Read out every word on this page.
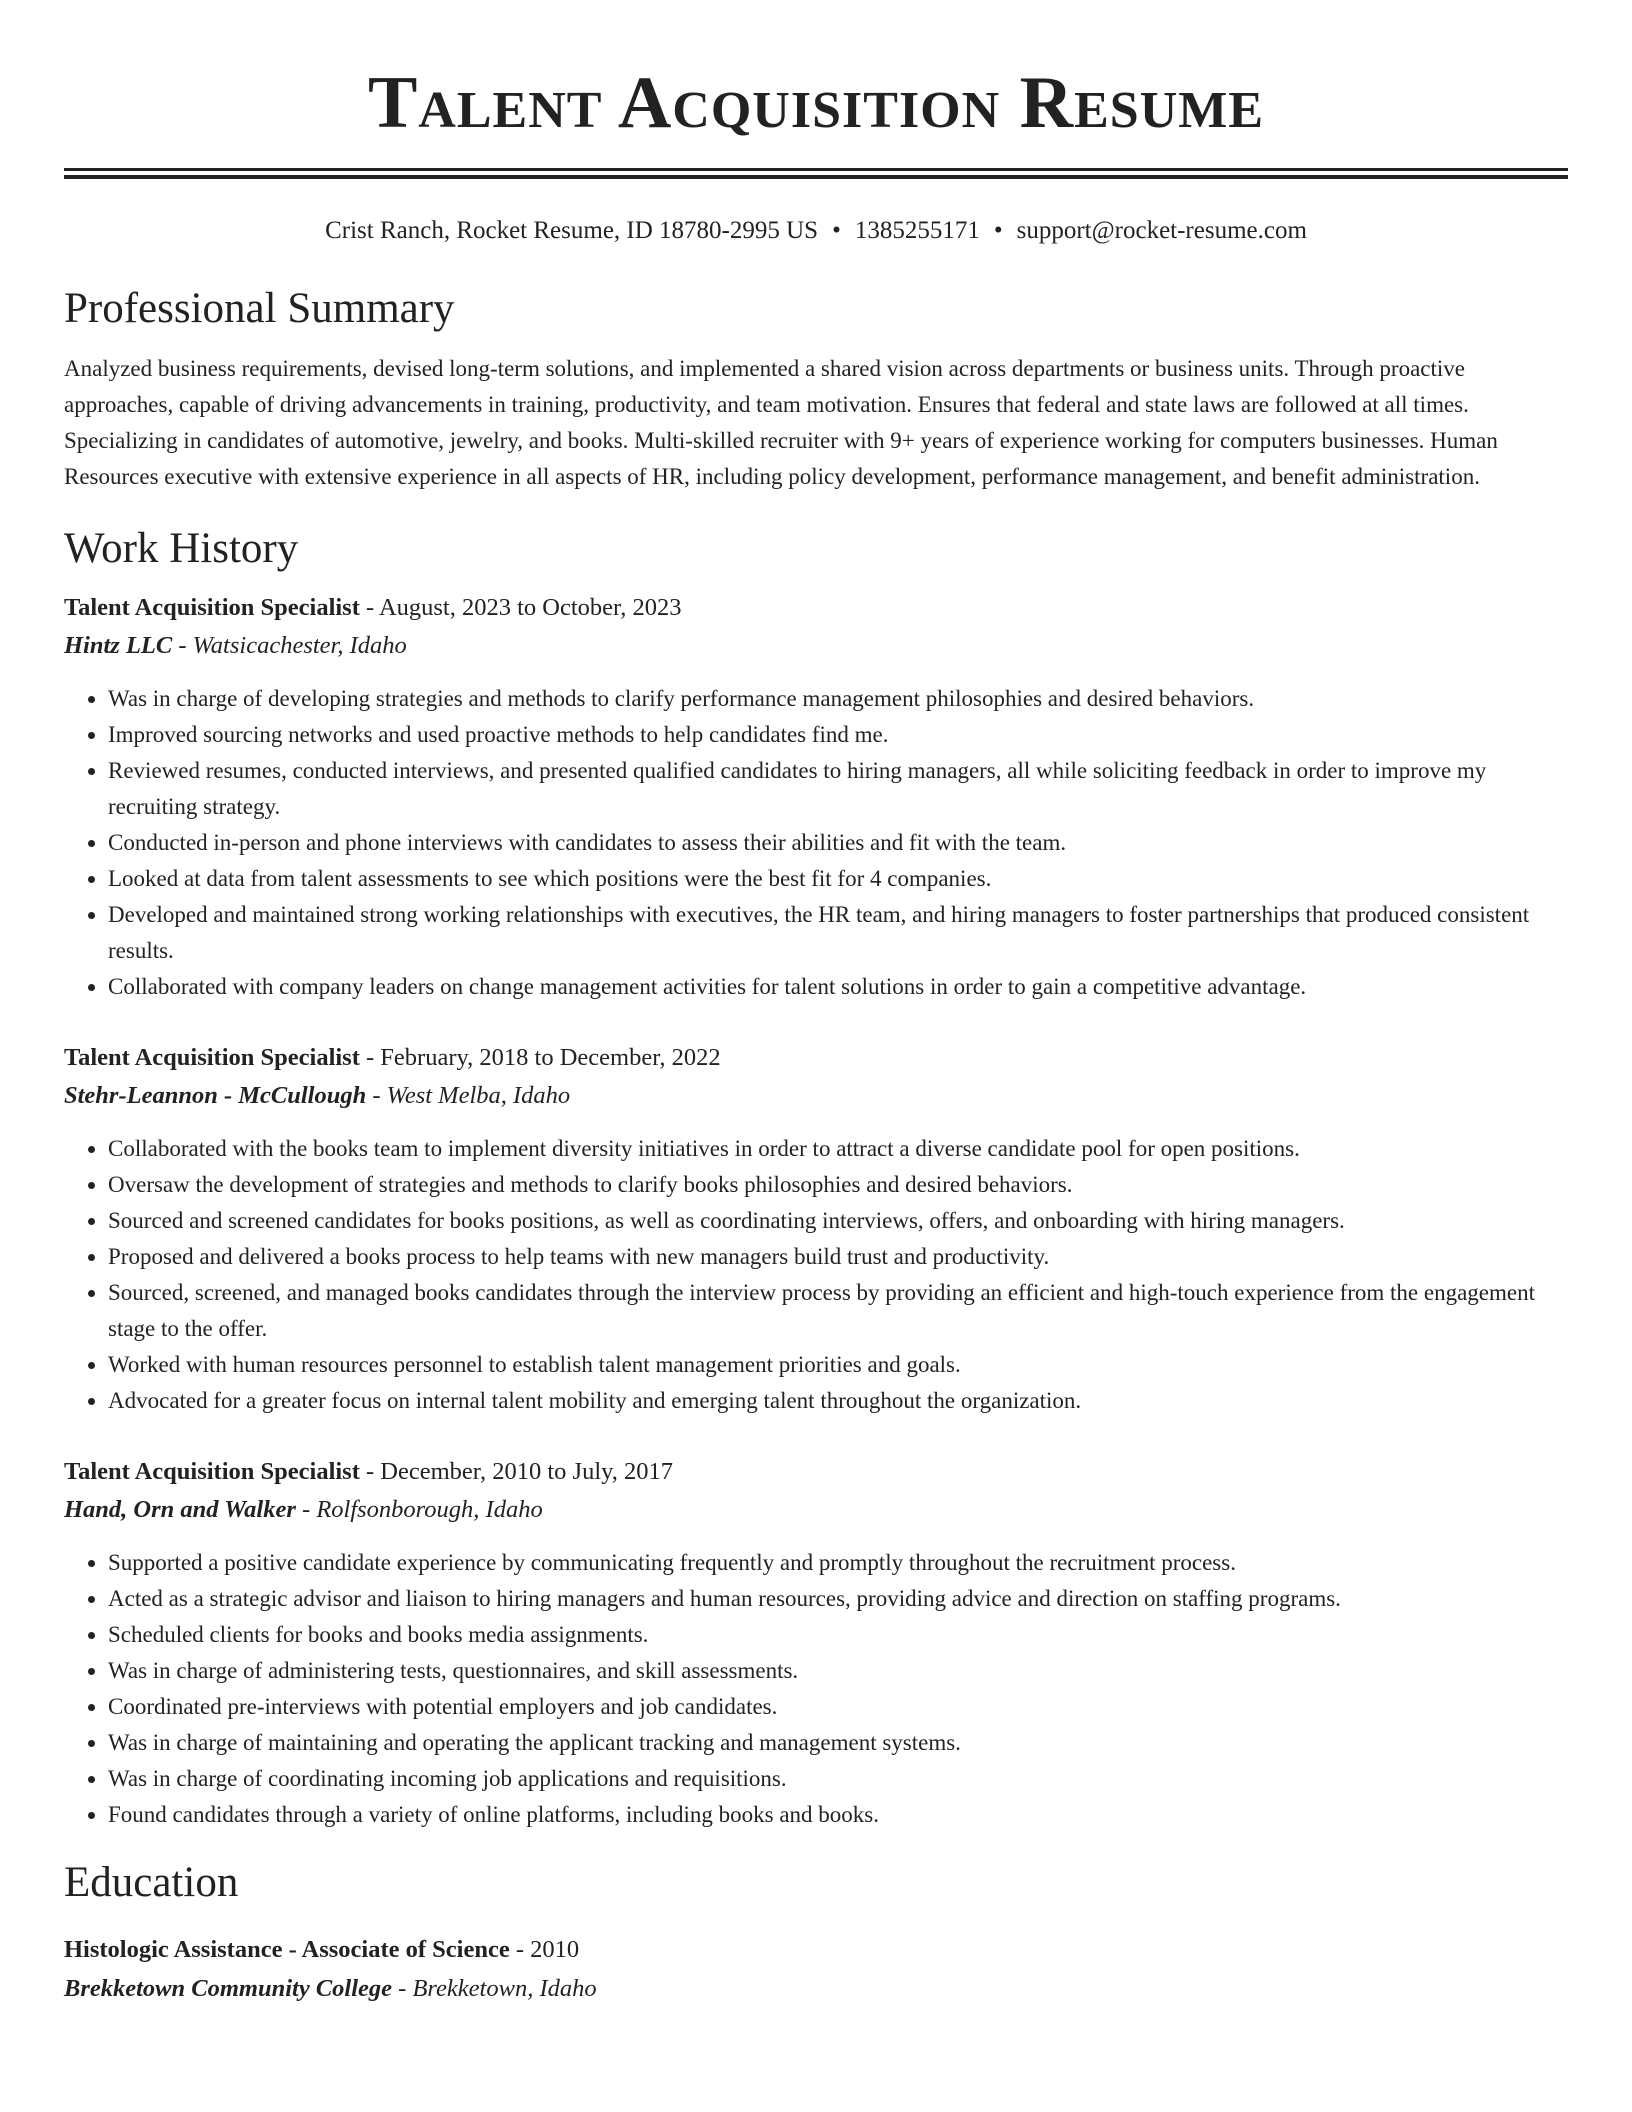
Talent Acquisition Resume
Crist Ranch, Rocket Resume, ID 18780-2995 US • 1385255171 • support@rocket-resume.com
Professional Summary

Analyzed business requirements, devised long-term solutions, and implemented a shared vision across departments or business units. Through proactive approaches, capable of driving advancements in training, productivity, and team motivation. Ensures that federal and state laws are followed at all times. Specializing in candidates of automotive, jewelry, and books. Multi-skilled recruiter with 9+ years of experience working for computers businesses. Human Resources executive with extensive experience in all aspects of HR, including policy development, performance management, and benefit administration.

Work History
Talent Acquisition Specialist - August, 2023 to October, 2023
Hintz LLC - Watsicachester, Idaho
• Was in charge of developing strategies and methods to clarify performance management philosophies and desired behaviors.
• Improved sourcing networks and used proactive methods to help candidates find me.
• Reviewed resumes, conducted interviews, and presented qualified candidates to hiring managers, all while soliciting feedback in order to improve my recruiting strategy.
• Conducted in-person and phone interviews with candidates to assess their abilities and fit with the team.
• Looked at data from talent assessments to see which positions were the best fit for 4 companies.
• Developed and maintained strong working relationships with executives, the HR team, and hiring managers to foster partnerships that produced consistent results.
• Collaborated with company leaders on change management activities for talent solutions in order to gain a competitive advantage.
Talent Acquisition Specialist - February, 2018 to December, 2022
Stehr-Leannon - McCullough - West Melba, Idaho
• Collaborated with the books team to implement diversity initiatives in order to attract a diverse candidate pool for open positions.
• Oversaw the development of strategies and methods to clarify books philosophies and desired behaviors.
• Sourced and screened candidates for books positions, as well as coordinating interviews, offers, and onboarding with hiring managers.
• Proposed and delivered a books process to help teams with new managers build trust and productivity.
• Sourced, screened, and managed books candidates through the interview process by providing an efficient and high-touch experience from the engagement stage to the offer.
• Worked with human resources personnel to establish talent management priorities and goals.
• Advocated for a greater focus on internal talent mobility and emerging talent throughout the organization.
Talent Acquisition Specialist - December, 2010 to July, 2017
Hand, Orn and Walker - Rolfsonborough, Idaho
• Supported a positive candidate experience by communicating frequently and promptly throughout the recruitment process.
• Acted as a strategic advisor and liaison to hiring managers and human resources, providing advice and direction on staffing programs.
• Scheduled clients for books and books media assignments.
• Was in charge of administering tests, questionnaires, and skill assessments.
• Coordinated pre-interviews with potential employers and job candidates.
• Was in charge of maintaining and operating the applicant tracking and management systems.
• Was in charge of coordinating incoming job applications and requisitions.
• Found candidates through a variety of online platforms, including books and books.
Education
Histologic Assistance - Associate of Science - 2010
Brekketown Community College - Brekketown, Idaho
